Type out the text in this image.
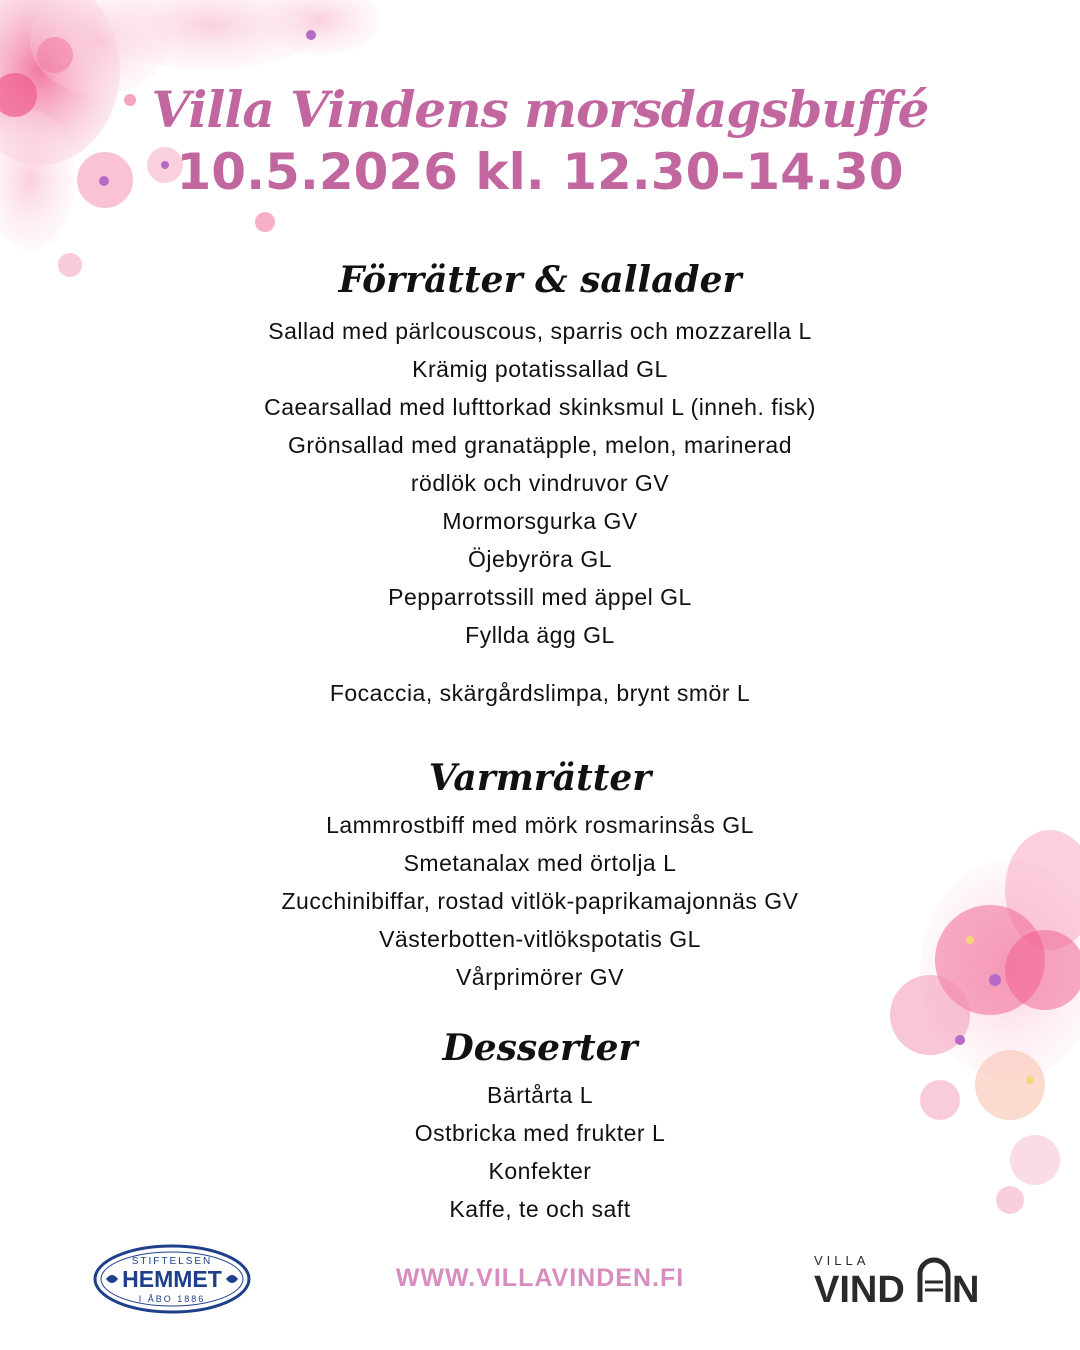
Villa Vindens morsdagsbuffé
10.5.2026 kl. 12.30–14.30
Förrätter & sallader
Sallad med pärlcouscous, sparris och mozzarella L
Krämig potatissallad GL
Caearsallad med lufttorkad skinksmul L (inneh. fisk)
Grönsallad med granatäpple, melon, marinerad
rödlök och vindruvor GV
Mormorsgurka GV
Öjebyröra GL
Pepparrotssill med äppel GL
Fyllda ägg GL
Focaccia, skärgårdslimpa, brynt smör L
Varmrätter
Lammrostbiff med mörk rosmarinsås GL
Smetanalax med örtolja L
Zucchinibiffar, rostad vitlök-paprikamajonnäs GV
Västerbotten-vitlökspotatis GL
Vårprimörer GV
Desserter
Bärtårta L
Ostbricka med frukter L
Konfekter
Kaffe, te och saft
STIFTELSEN
HEMMET
I ÅBO 1886
WWW.VILLAVINDEN.FI
VILLA
VIND N
